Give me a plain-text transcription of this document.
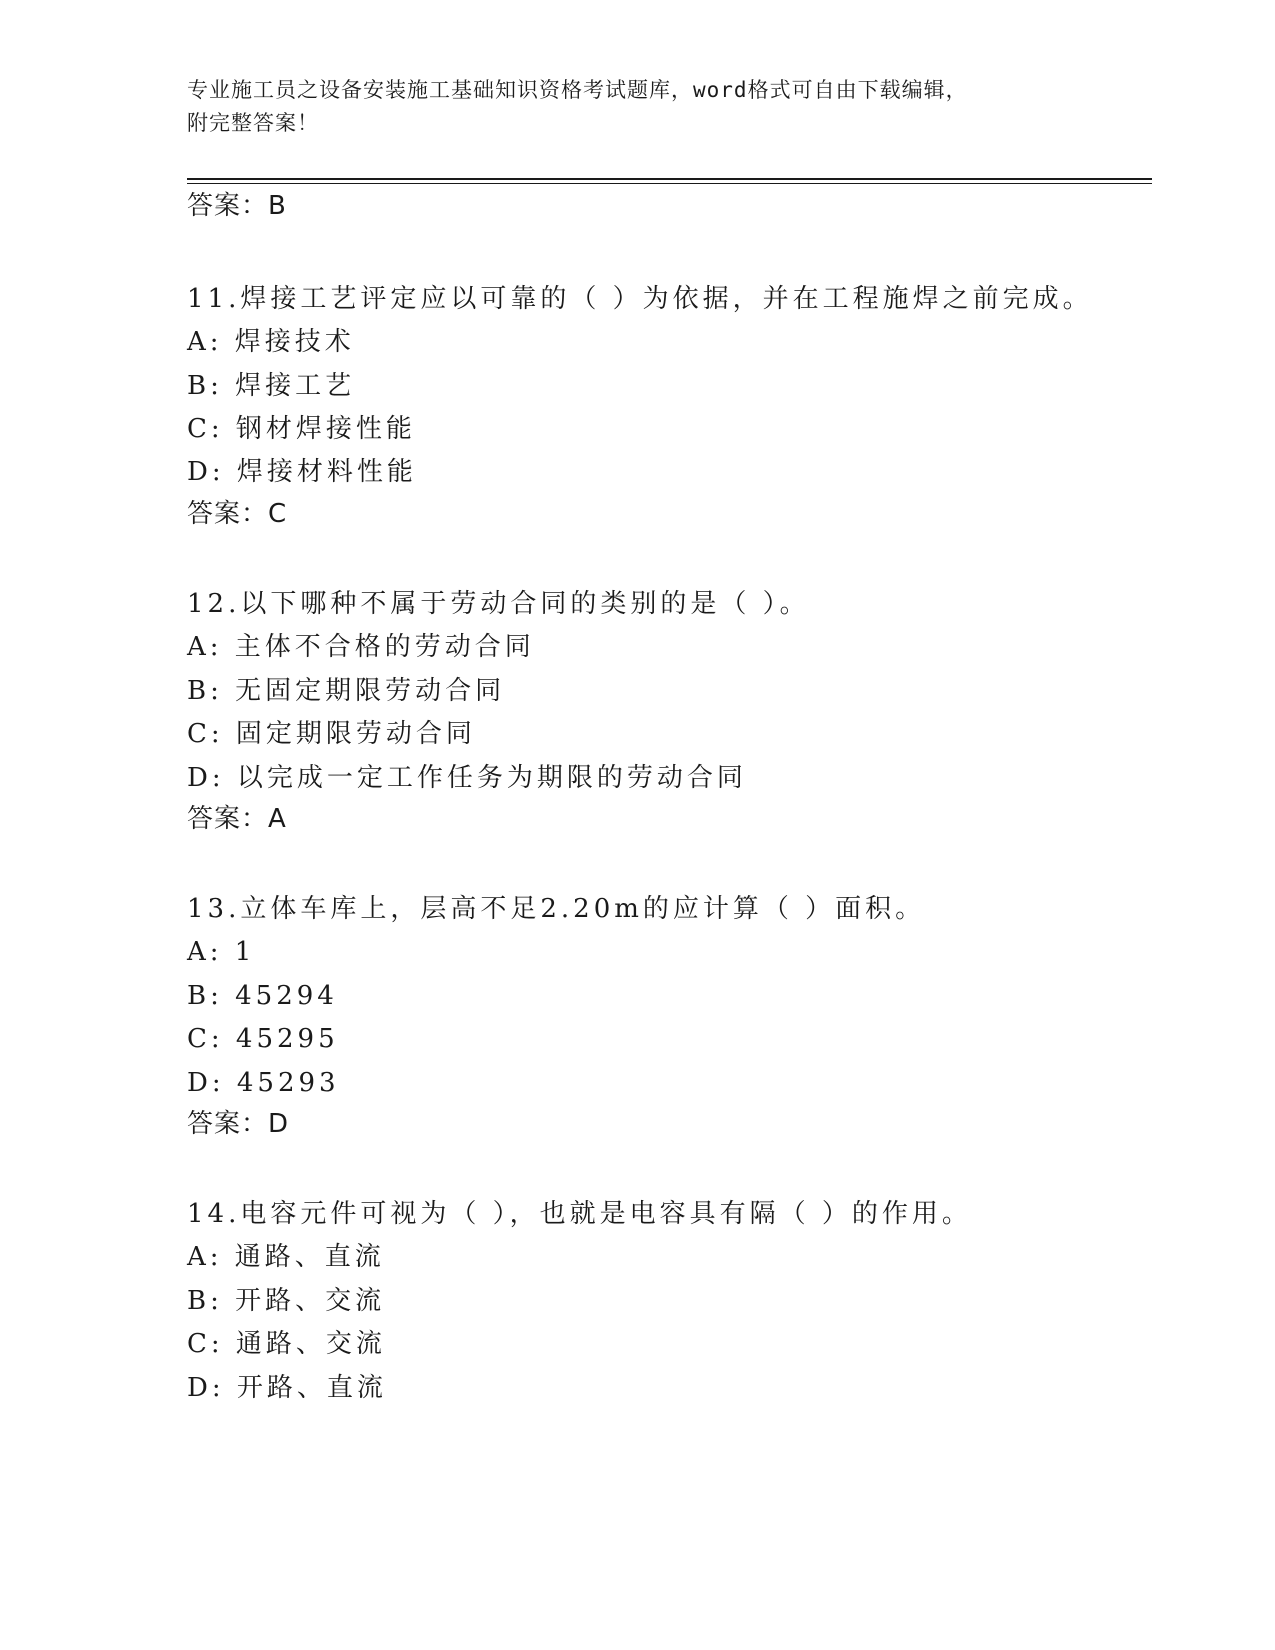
专业施工员之设备安装施工基础知识资格考试题库，word格式可自由下载编辑，
附完整答案！
答案：B
11.焊接工艺评定应以可靠的（ ）为依据，并在工程施焊之前完成。
A: 焊接技术
B: 焊接工艺
C: 钢材焊接性能
D: 焊接材料性能
答案：C
12.以下哪种不属于劳动合同的类别的是（ ）。
A: 主体不合格的劳动合同
B: 无固定期限劳动合同
C: 固定期限劳动合同
D: 以完成一定工作任务为期限的劳动合同
答案：A
13.立体车库上，层高不足2.20m的应计算（ ）面积。
A: 1
B: 45294
C: 45295
D: 45293
答案：D
14.电容元件可视为（ ），也就是电容具有隔（ ）的作用。
A: 通路、直流
B: 开路、交流
C: 通路、交流
D: 开路、直流
